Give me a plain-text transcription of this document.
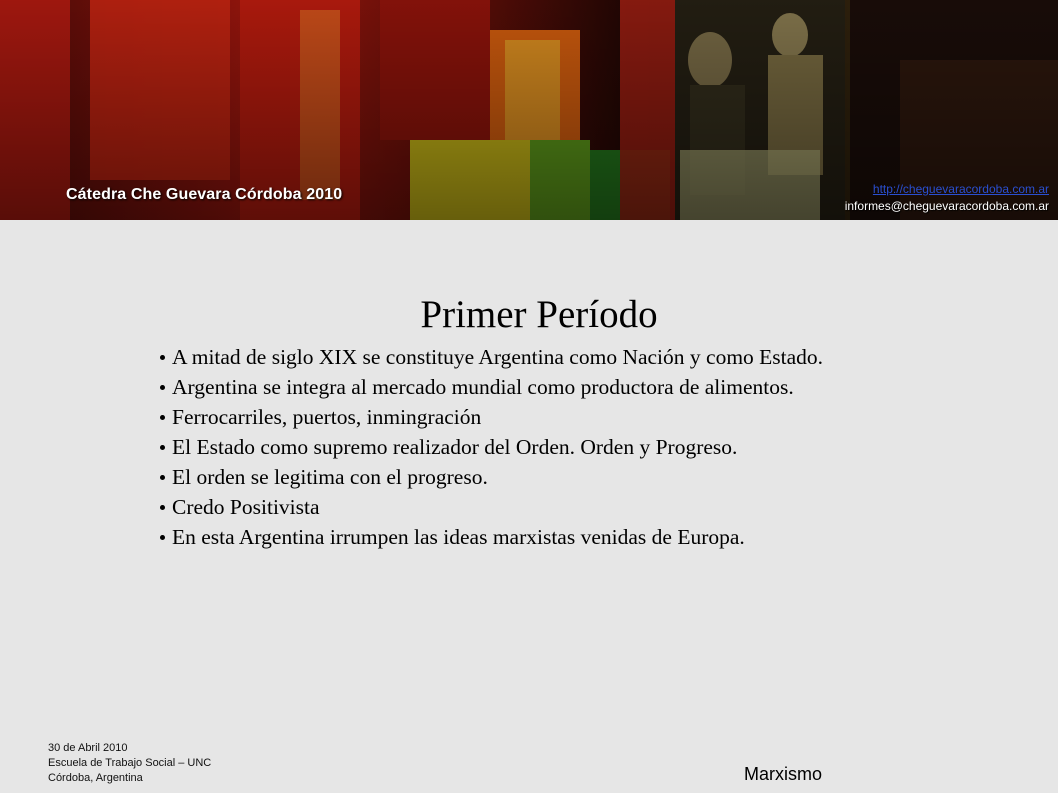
Cátedra Che Guevara Córdoba 2010	http://cheguevaracordoba.com.ar
informes@cheguevaracordoba.com.ar
Primer Período
A mitad de siglo XIX se constituye Argentina como Nación y como Estado.
Argentina se integra al mercado mundial como productora de alimentos.
Ferrocarriles, puertos, inmingración
El Estado como supremo realizador del Orden. Orden y Progreso.
El orden se legitima con el progreso.
Credo Positivista
En esta Argentina irrumpen las ideas marxistas venidas de Europa.
30 de Abril 2010
Escuela de Trabajo Social – UNC
Córdoba, Argentina	Marxismo
